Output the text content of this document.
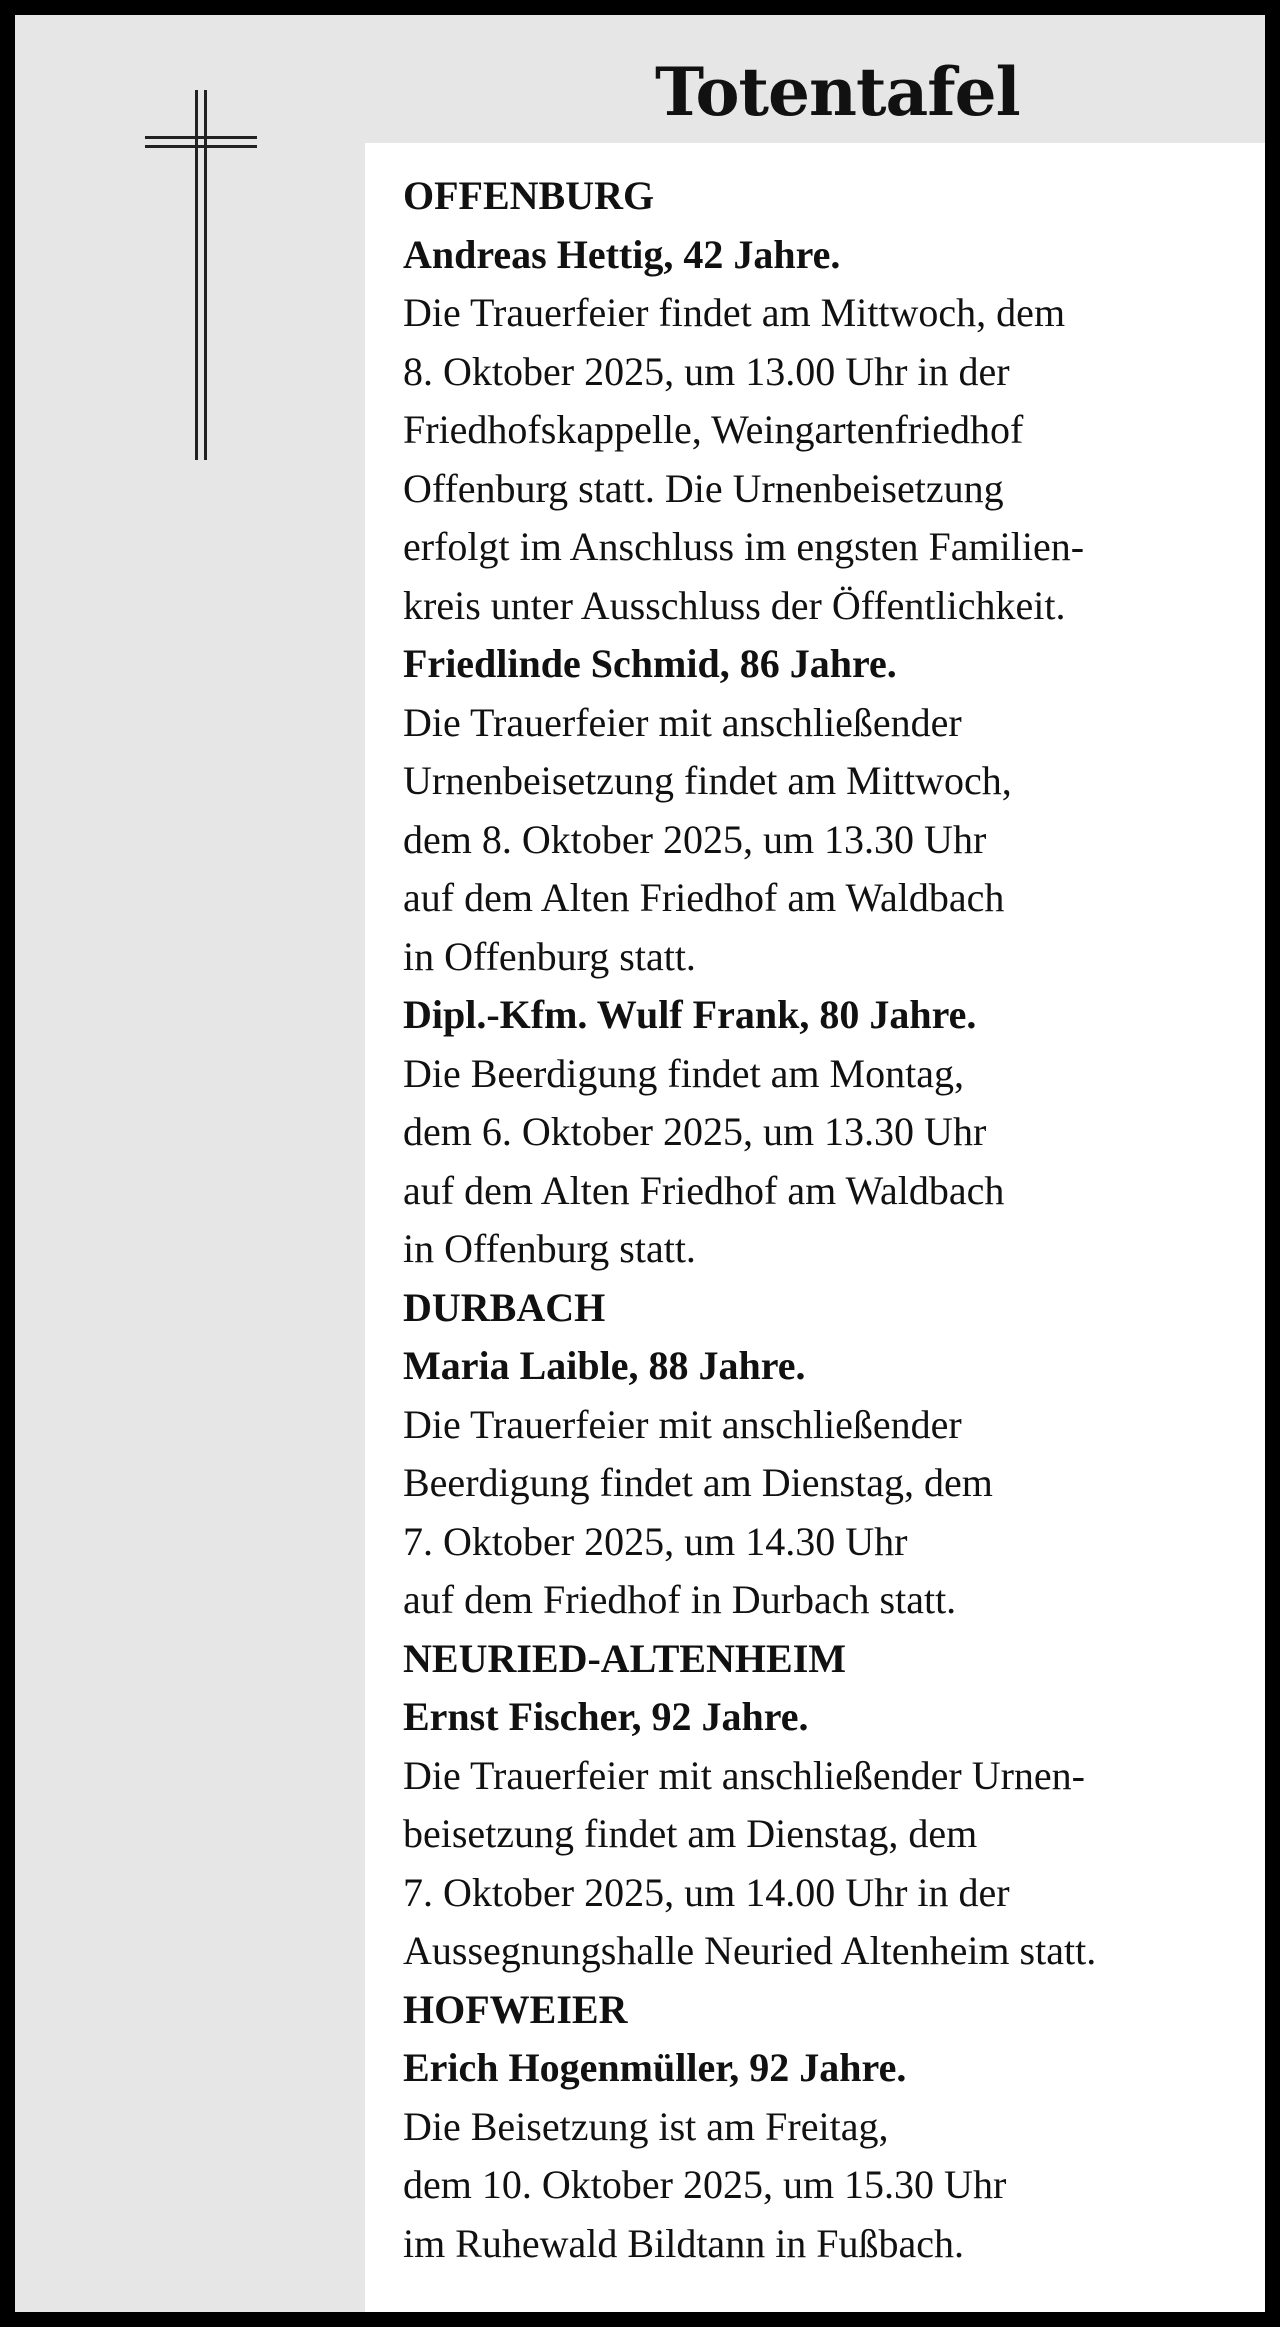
Totentafel
OFFENBURG
Andreas Hettig, 42 Jahre.
Die Trauerfeier findet am Mittwoch, dem
8. Oktober 2025, um 13.00 Uhr in der
Friedhofskappelle, Weingartenfriedhof
Offenburg statt. Die Urnenbeisetzung
erfolgt im Anschluss im engsten Familien-
kreis unter Ausschluss der Öffentlichkeit.
Friedlinde Schmid, 86 Jahre.
Die Trauerfeier mit anschließender
Urnenbeisetzung findet am Mittwoch,
dem 8. Oktober 2025, um 13.30 Uhr
auf dem Alten Friedhof am Waldbach
in Offenburg statt.
Dipl.-Kfm. Wulf Frank, 80 Jahre.
Die Beerdigung findet am Montag,
dem 6. Oktober 2025, um 13.30 Uhr
auf dem Alten Friedhof am Waldbach
in Offenburg statt.
DURBACH
Maria Laible, 88 Jahre.
Die Trauerfeier mit anschließender
Beerdigung findet am Dienstag, dem
7. Oktober 2025, um 14.30 Uhr
auf dem Friedhof in Durbach statt.
NEURIED-ALTENHEIM
Ernst Fischer, 92 Jahre.
Die Trauerfeier mit anschließender Urnen-
beisetzung findet am Dienstag, dem
7. Oktober 2025, um 14.00 Uhr in der
Aussegnungshalle Neuried Altenheim statt.
HOFWEIER
Erich Hogenmüller, 92 Jahre.
Die Beisetzung ist am Freitag,
dem 10. Oktober 2025, um 15.30 Uhr
im Ruhewald Bildtann in Fußbach.
